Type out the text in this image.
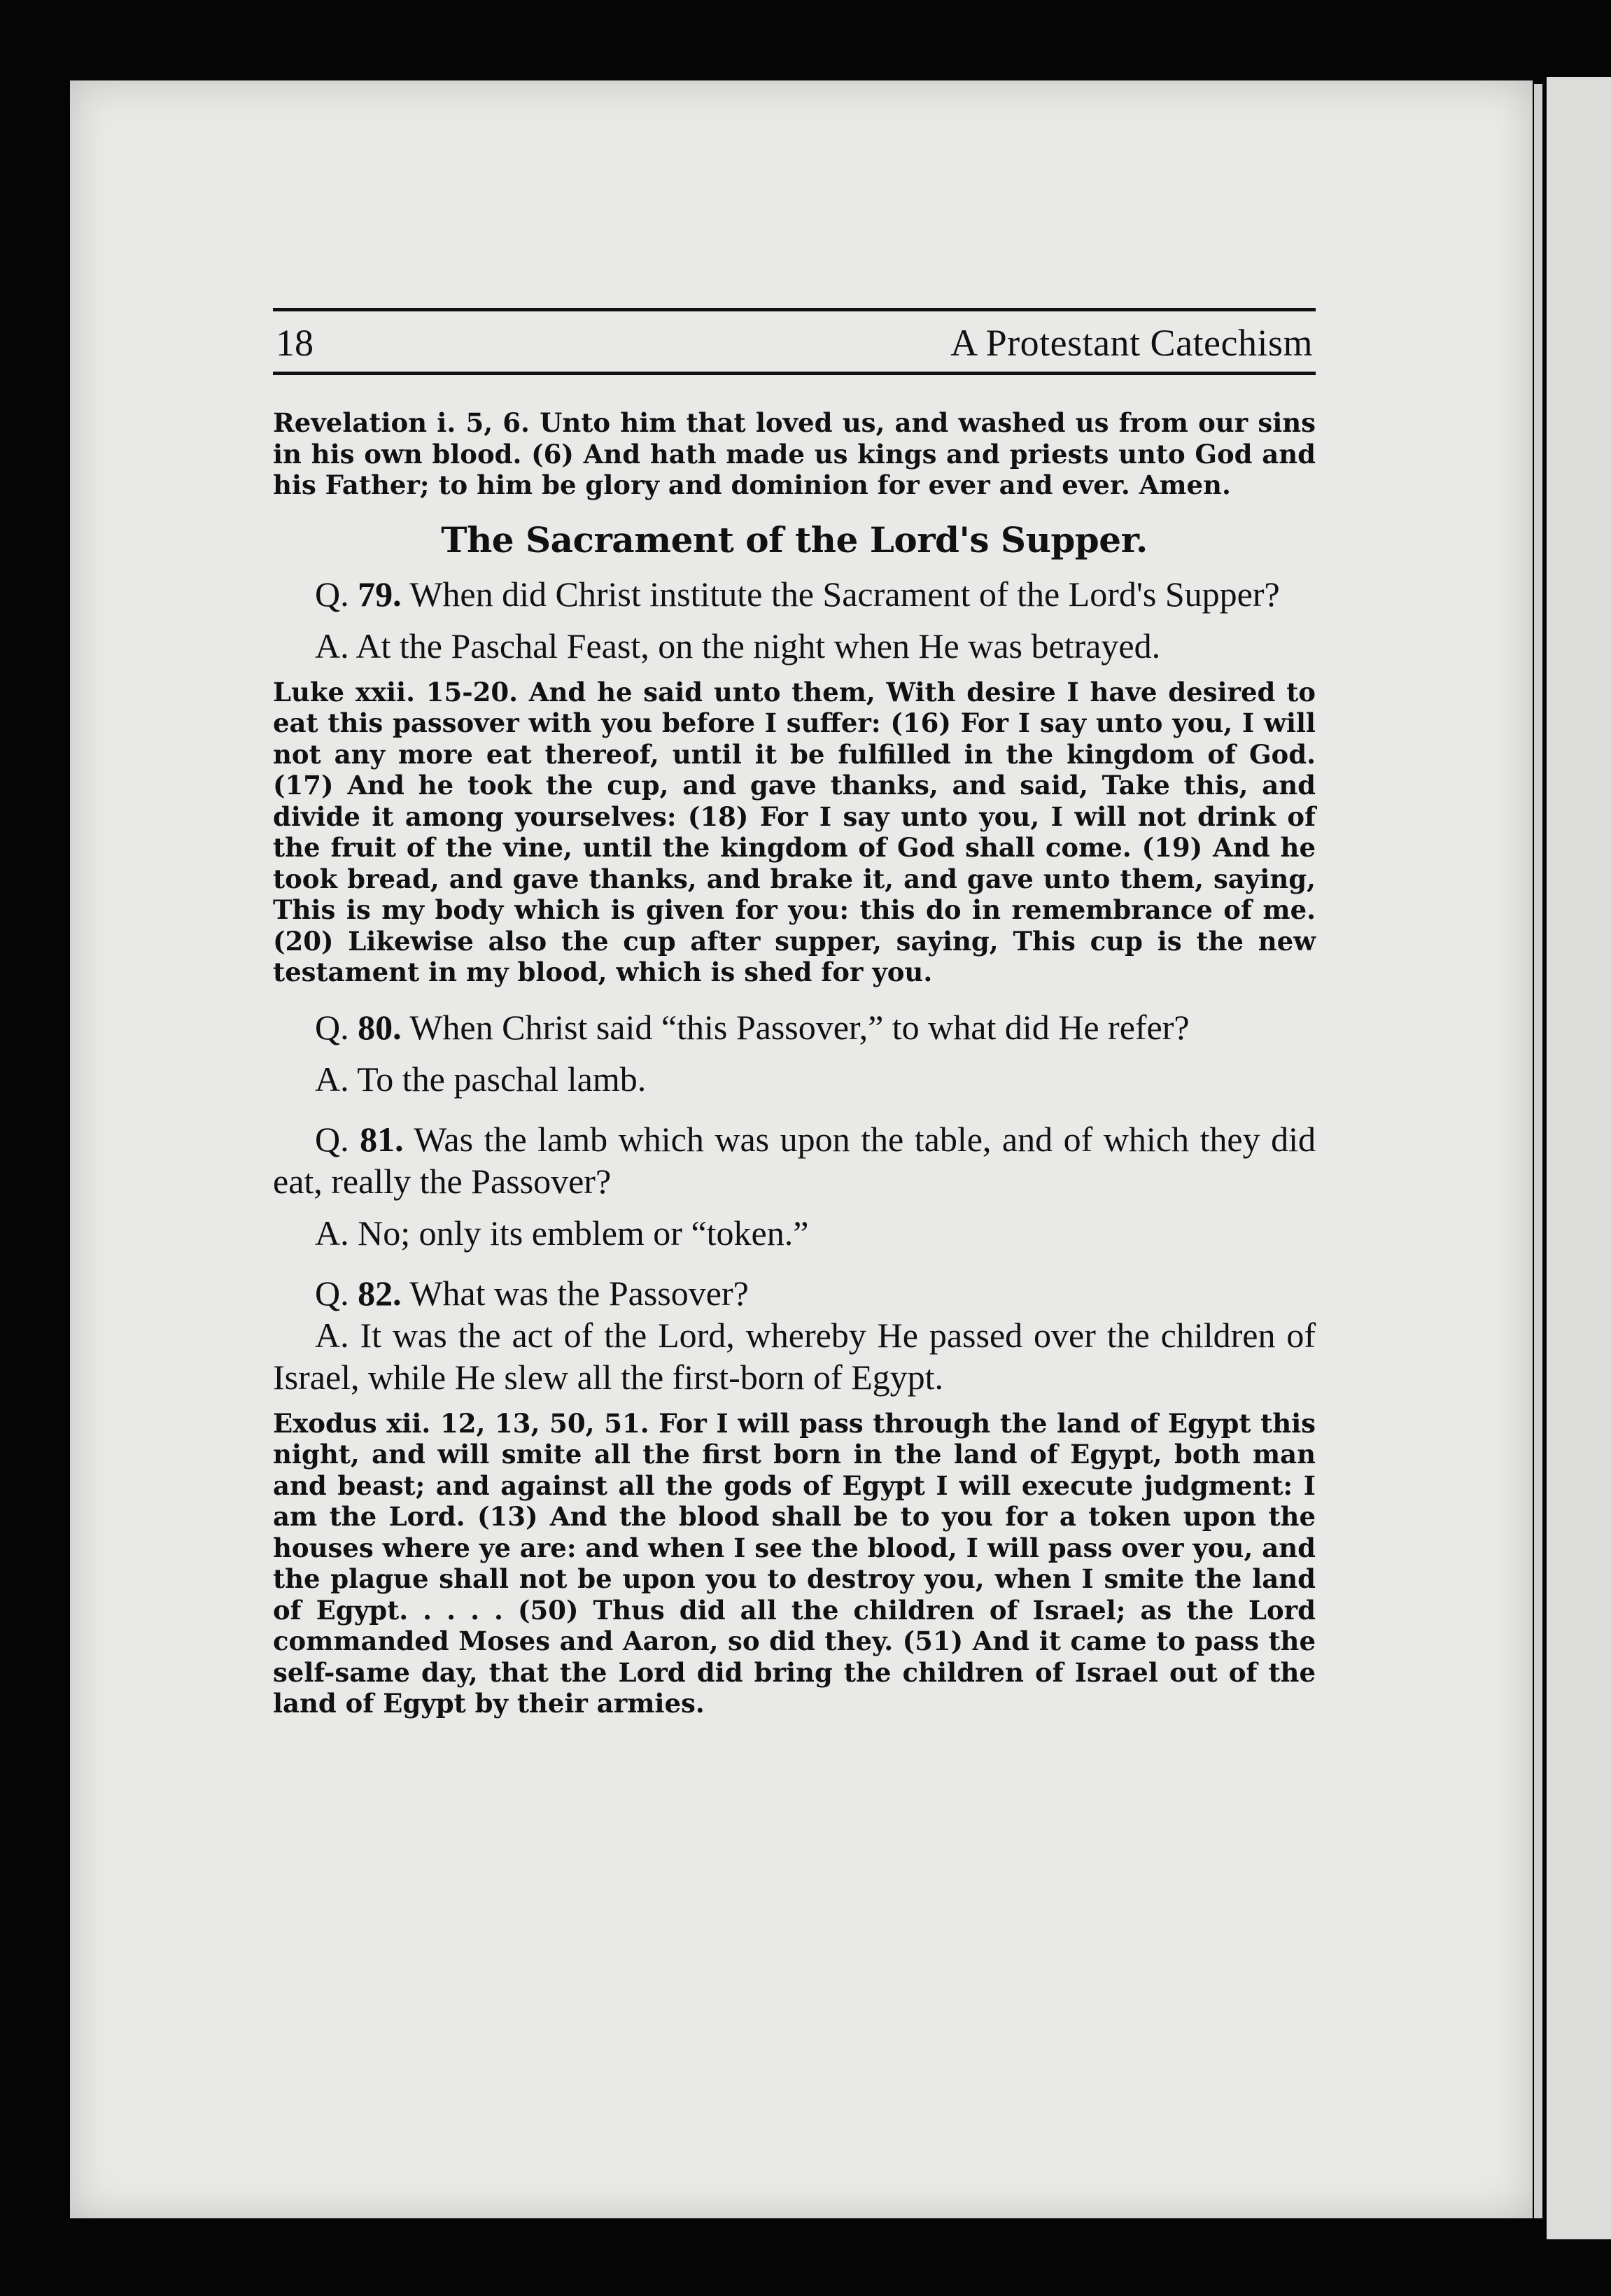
18	A Protestant Catechism

Revelation i. 5, 6. Unto him that loved us, and washed us from our sins in his own blood. (6) And hath made us kings and priests unto God and his Father; to him be glory and dominion for ever and ever. Amen.

The Sacrament of the Lord's Supper.

Q. 79. When did Christ institute the Sacrament of the Lord's Supper?

A. At the Paschal Feast, on the night when He was betrayed.

Luke xxii. 15-20. And he said unto them, With desire I have desired to eat this passover with you before I suffer: (16) For I say unto you, I will not any more eat thereof, until it be fulfilled in the kingdom of God. (17) And he took the cup, and gave thanks, and said, Take this, and divide it among yourselves: (18) For I say unto you, I will not drink of the fruit of the vine, until the kingdom of God shall come. (19) And he took bread, and gave thanks, and brake it, and gave unto them, saying, This is my body which is given for you: this do in remembrance of me. (20) Likewise also the cup after supper, saying, This cup is the new testament in my blood, which is shed for you.

Q. 80. When Christ said “this Passover,” to what did He refer?

A. To the paschal lamb.

Q. 81. Was the lamb which was upon the table, and of which they did eat, really the Passover?

A. No; only its emblem or “token.”

Q. 82. What was the Passover?

A. It was the act of the Lord, whereby He passed over the children of Israel, while He slew all the first-born of Egypt.

Exodus xii. 12, 13, 50, 51. For I will pass through the land of Egypt this night, and will smite all the first born in the land of Egypt, both man and beast; and against all the gods of Egypt I will execute judgment: I am the Lord. (13) And the blood shall be to you for a token upon the houses where ye are: and when I see the blood, I will pass over you, and the plague shall not be upon you to destroy you, when I smite the land of Egypt. . . . . (50) Thus did all the children of Israel; as the Lord commanded Moses and Aaron, so did they. (51) And it came to pass the self-same day, that the Lord did bring the children of Israel out of the land of Egypt by their armies.
